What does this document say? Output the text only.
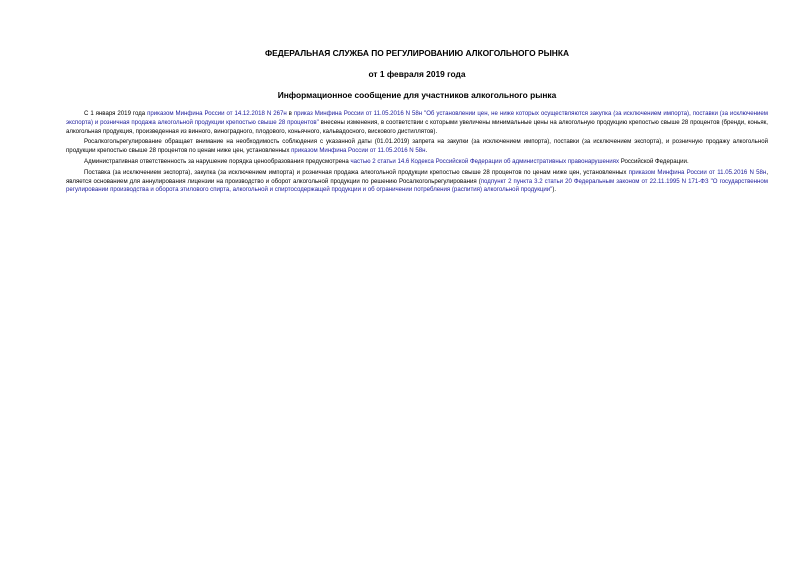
ФЕДЕРАЛЬНАЯ СЛУЖБА ПО РЕГУЛИРОВАНИЮ АЛКОГОЛЬНОГО РЫНКА
от 1 февраля 2019 года
Информационное сообщение для участников алкогольного рынка

С 1 января 2019 года приказом Минфина России от 14.12.2018 N 267н в приказ Минфина России от 11.05.2016 N 58н "Об установлении цен, не ниже которых осуществляются закупка (за исключением импорта), поставки (за исключением экспорта) и розничная продажа алкогольной продукции крепостью свыше 28 процентов" внесены изменения, в соответствии с которыми увеличены минимальные цены на алкогольную продукцию крепостью свыше 28 процентов (бренди, коньяк, алкогольная продукция, произведенная из винного, виноградного, плодового, коньячного, кальвадосного, вискового дистиллятов).

Росалкогольрегулирование обращает внимание на необходимость соблюдения с указанной даты (01.01.2019) запрета на закупки (за исключением импорта), поставки (за исключением экспорта), и розничную продажу алкогольной продукции крепостью свыше 28 процентов по ценам ниже цен, установленных приказом Минфина России от 11.05.2016 N 58н.

Административная ответственность за нарушение порядка ценообразования предусмотрена частью 2 статьи 14.6 Кодекса Российской Федерации об административных правонарушениях Российской Федерации.

Поставка (за исключением экспорта), закупка (за исключением импорта) и розничная продажа алкогольной продукции крепостью свыше 28 процентов по ценам ниже цен, установленных приказом Минфина России от 11.05.2016 N 58н, является основанием для аннулирования лицензии на производство и оборот алкогольной продукции по решению Росалкогольрегулирования (подпункт 2 пункта 3.2 статьи 20 Федеральным законом от 22.11.1995 N 171-ФЗ "О государственном регулировании производства и оборота этилового спирта, алкогольной и спиртосодержащей продукции и об ограничении потребления (распития) алкогольной продукции").
